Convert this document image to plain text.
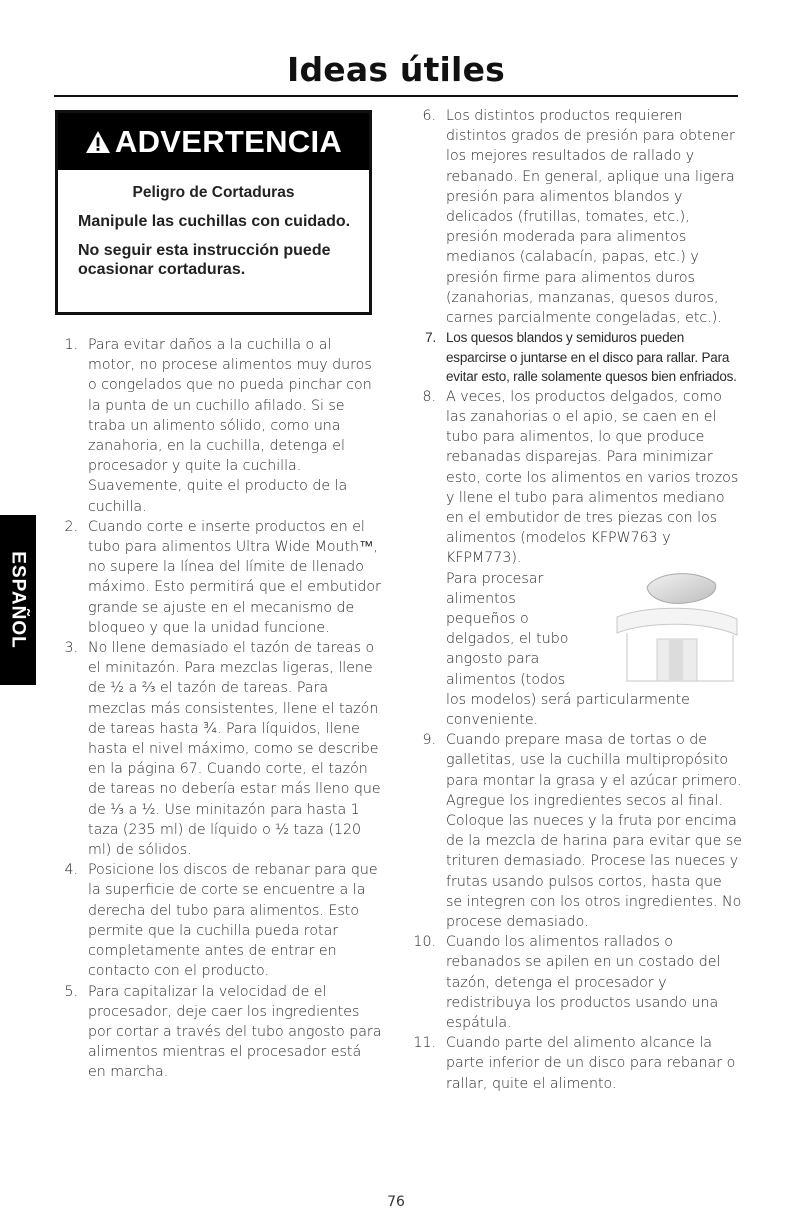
Ideas útiles
ADVERTENCIA
Peligro de Cortaduras
Manipule las cuchillas con cuidado.
No seguir esta instrucción puede ocasionar cortaduras.
ESPAÑOL

1. Para evitar daños a la cuchilla o al motor, no procese alimentos muy duros o congelados que no pueda pinchar con la punta de un cuchillo afilado. Si se traba un alimento sólido, como una zanahoria, en la cuchilla, detenga el procesador y quite la cuchilla. Suavemente, quite el producto de la cuchilla.

2. Cuando corte e inserte productos en el tubo para alimentos Ultra Wide Mouth™, no supere la línea del límite de llenado máximo. Esto permitirá que el embutidor grande se ajuste en el mecanismo de bloqueo y que la unidad funcione.

3. No llene demasiado el tazón de tareas o el minitazón. Para mezclas ligeras, llene de ½ a ⅔ el tazón de tareas. Para mezclas más consistentes, llene el tazón de tareas hasta ¾. Para líquidos, llene hasta el nivel máximo, como se describe en la página 67. Cuando corte, el tazón de tareas no debería estar más lleno que de ⅓ a ½. Use minitazón para hasta 1 taza (235 ml) de líquido o ½ taza (120 ml) de sólidos.

4. Posicione los discos de rebanar para que la superficie de corte se encuentre a la derecha del tubo para alimentos. Esto permite que la cuchilla pueda rotar completamente antes de entrar en contacto con el producto.

5. Para capitalizar la velocidad de el procesador, deje caer los ingredientes por cortar a través del tubo angosto para alimentos mientras el procesador está en marcha.

6. Los distintos productos requieren distintos grados de presión para obtener los mejores resultados de rallado y rebanado. En general, aplique una ligera presión para alimentos blandos y delicados (frutillas, tomates, etc.), presión moderada para alimentos medianos (calabacín, papas, etc.) y presión firme para alimentos duros (zanahorias, manzanas, quesos duros, carnes parcialmente congeladas, etc.).

7. Los quesos blandos y semiduros pueden esparcirse o juntarse en el disco para rallar. Para evitar esto, ralle solamente quesos bien enfriados.

8. A veces, los productos delgados, como las zanahorias o el apio, se caen en el tubo para alimentos, lo que produce rebanadas disparejas. Para minimizar esto, corte los alimentos en varios trozos y llene el tubo para alimentos mediano en el embutidor de tres piezas con los alimentos (modelos KFPW763 y KFPM773).
Para procesar alimentos pequeños o delgados, el tubo angosto para alimentos (todos los modelos) será particularmente conveniente.

9. Cuando prepare masa de tortas o de galletitas, use la cuchilla multipropósito para montar la grasa y el azúcar primero. Agregue los ingredientes secos al final. Coloque las nueces y la fruta por encima de la mezcla de harina para evitar que se trituren demasiado. Procese las nueces y frutas usando pulsos cortos, hasta que se integren con los otros ingredientes. No procese demasiado.

10. Cuando los alimentos rallados o rebanados se apilen en un costado del tazón, detenga el procesador y redistribuya los productos usando una espátula.

11. Cuando parte del alimento alcance la parte inferior de un disco para rebanar o rallar, quite el alimento.

76
